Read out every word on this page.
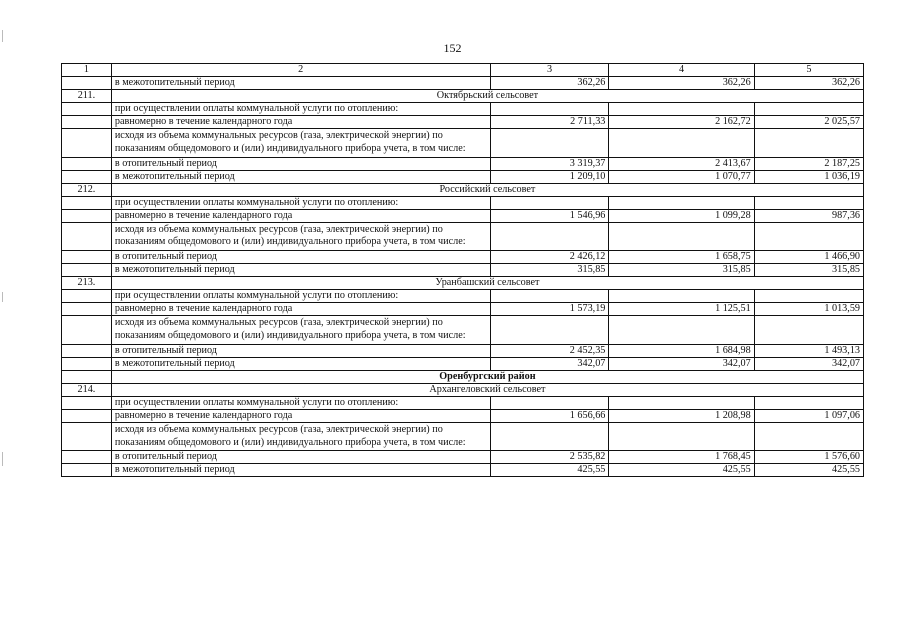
152
1	2	3	4	5
	в межотопительный период	362,26	362,26	362,26
211.	Октябрьский сельсовет			
	при осуществлении оплаты коммунальной услуги по отоплению:			
	равномерно в течение календарного года	2 711,33	2 162,72	2 025,57
	исходя из объема коммунальных ресурсов (газа, электрической энергии) по показаниям общедомового и (или) индивидуального прибора учета, в том числе:			
	в отопительный период	3 319,37	2 413,67	2 187,25
	в межотопительный период	1 209,10	1 070,77	1 036,19
212.	Российский сельсовет			
	при осуществлении оплаты коммунальной услуги по отоплению:			
	равномерно в течение календарного года	1 546,96	1 099,28	987,36
	исходя из объема коммунальных ресурсов (газа, электрической энергии) по показаниям общедомового и (или) индивидуального прибора учета, в том числе:			
	в отопительный период	2 426,12	1 658,75	1 466,90
	в межотопительный период	315,85	315,85	315,85
213.	Уранбашский сельсовет			
	при осуществлении оплаты коммунальной услуги по отоплению:			
	равномерно в течение календарного года	1 573,19	1 125,51	1 013,59
	исходя из объема коммунальных ресурсов (газа, электрической энергии) по показаниям общедомового и (или) индивидуального прибора учета, в том числе:			
	в отопительный период	2 452,35	1 684,98	1 493,13
	в межотопительный период	342,07	342,07	342,07
	Оренбургский район			
214.	Архангеловский сельсовет			
	при осуществлении оплаты коммунальной услуги по отоплению:			
	равномерно в течение календарного года	1 656,66	1 208,98	1 097,06
	исходя из объема коммунальных ресурсов (газа, электрической энергии) по показаниям общедомового и (или) индивидуального прибора учета, в том числе:			
	в отопительный период	2 535,82	1 768,45	1 576,60
	в межотопительный период	425,55	425,55	425,55
